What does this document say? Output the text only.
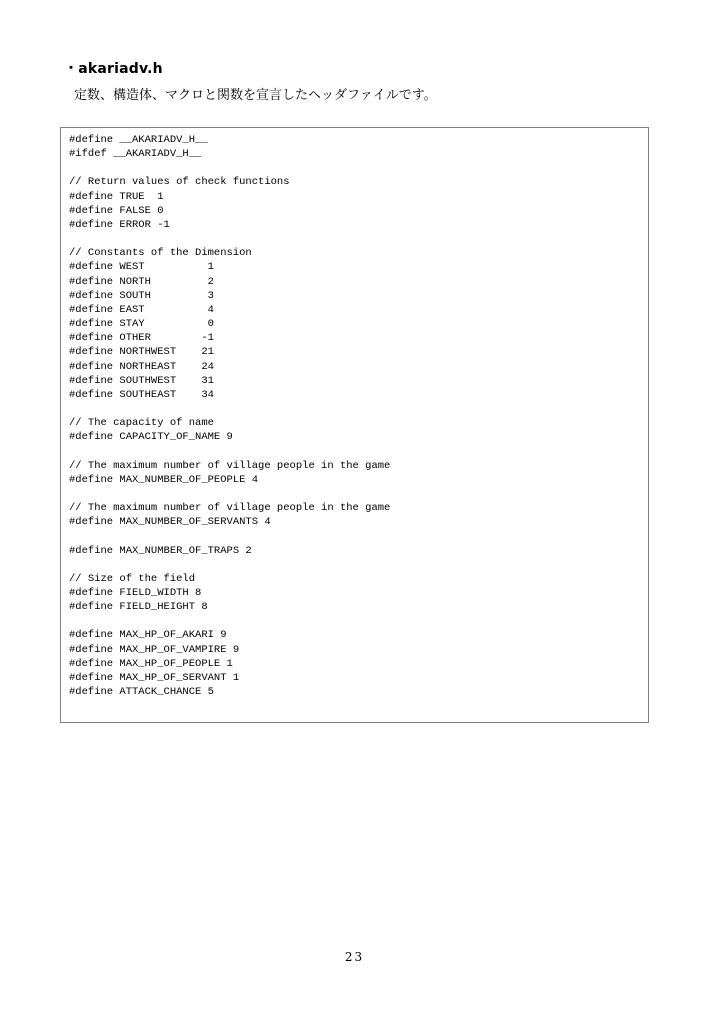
・akariadv.h
定数、構造体、マクロと関数を宣言したヘッダファイルです。
#define __AKARIADV_H__
#ifdef __AKARIADV_H__

// Return values of check functions
#define TRUE  1
#define FALSE 0
#define ERROR -1

// Constants of the Dimension
#define WEST          1
#define NORTH         2
#define SOUTH         3
#define EAST          4
#define STAY          0
#define OTHER        -1
#define NORTHWEST    21
#define NORTHEAST    24
#define SOUTHWEST    31
#define SOUTHEAST    34

// The capacity of name
#define CAPACITY_OF_NAME 9

// The maximum number of village people in the game
#define MAX_NUMBER_OF_PEOPLE 4

// The maximum number of village people in the game
#define MAX_NUMBER_OF_SERVANTS 4

#define MAX_NUMBER_OF_TRAPS 2

// Size of the field
#define FIELD_WIDTH 8
#define FIELD_HEIGHT 8

#define MAX_HP_OF_AKARI 9
#define MAX_HP_OF_VAMPIRE 9
#define MAX_HP_OF_PEOPLE 1
#define MAX_HP_OF_SERVANT 1
#define ATTACK_CHANCE 5
23
